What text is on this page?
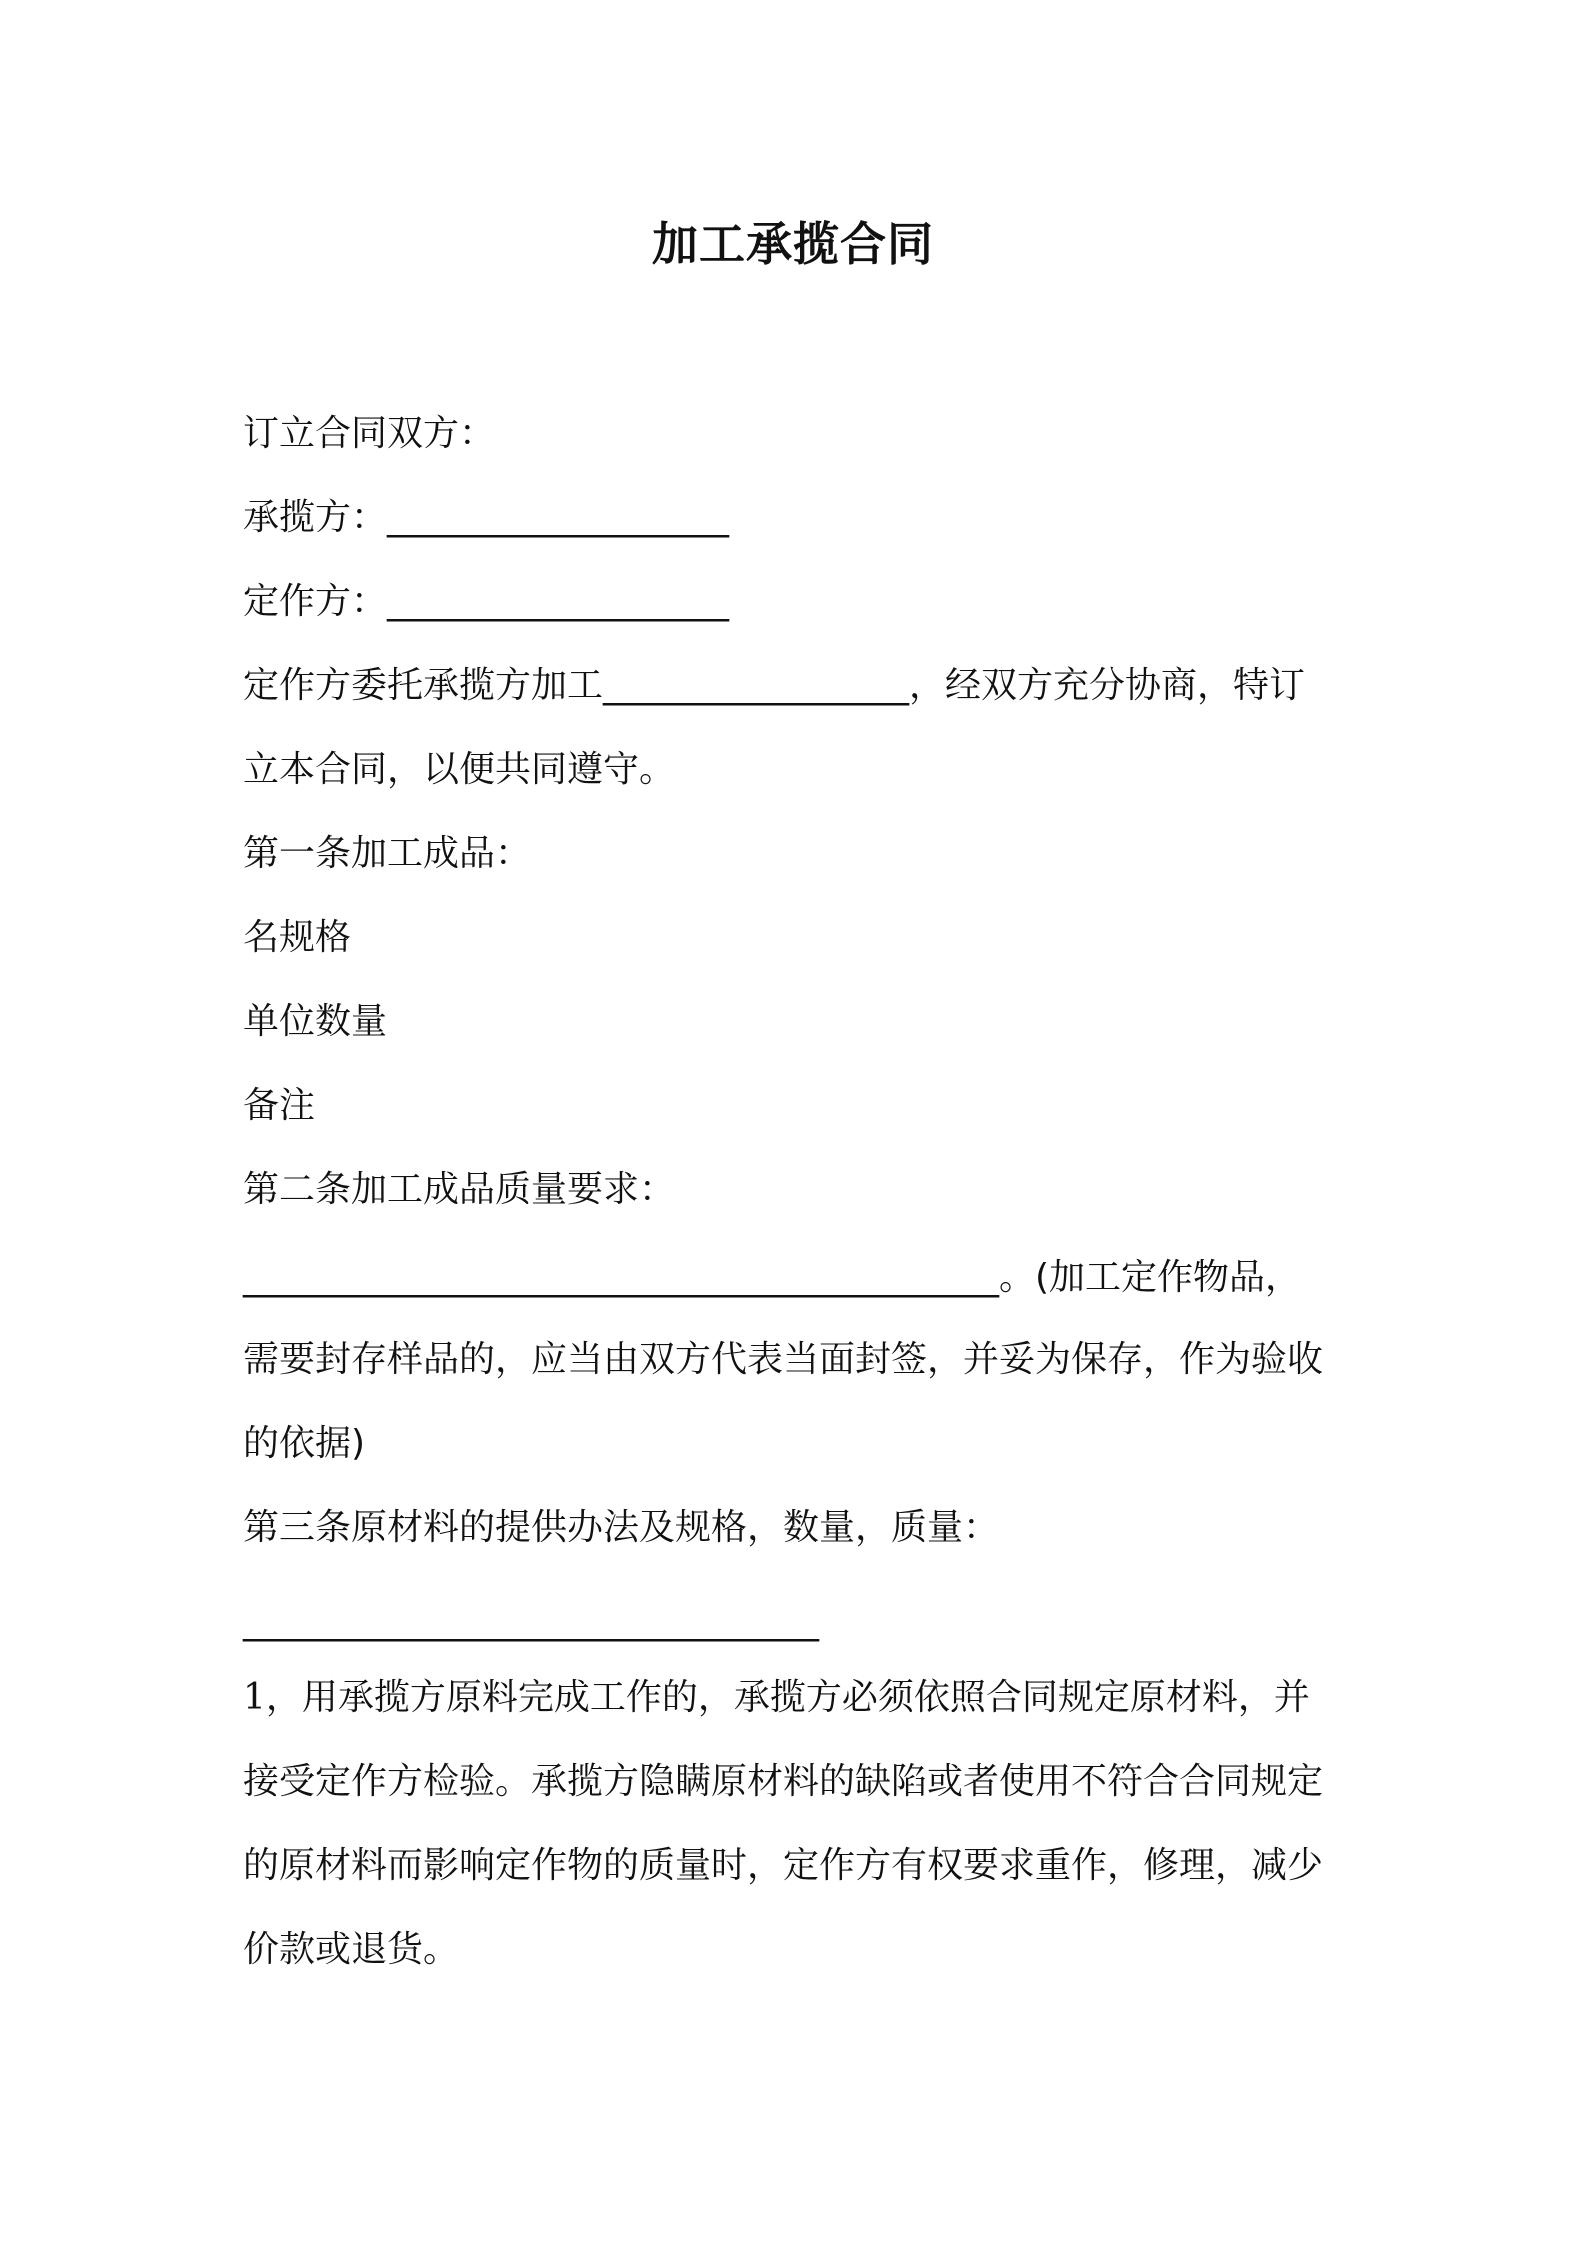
加工承揽合同
订立合同双方：
承揽方：___________________
定作方：___________________
定作方委托承揽方加工_________________，经双方充分协商，特订
立本合同，以便共同遵守。
第一条加工成品：
名规格
单位数量
备注
第二条加工成品质量要求：
__________________________________________。(加工定作物品，
需要封存样品的，应当由双方代表当面封签，并妥为保存，作为验收
的依据)
第三条原材料的提供办法及规格，数量，质量：
________________________________
1，用承揽方原料完成工作的，承揽方必须依照合同规定原材料，并
接受定作方检验。承揽方隐瞒原材料的缺陷或者使用不符合合同规定
的原材料而影响定作物的质量时，定作方有权要求重作，修理，减少
价款或退货。
